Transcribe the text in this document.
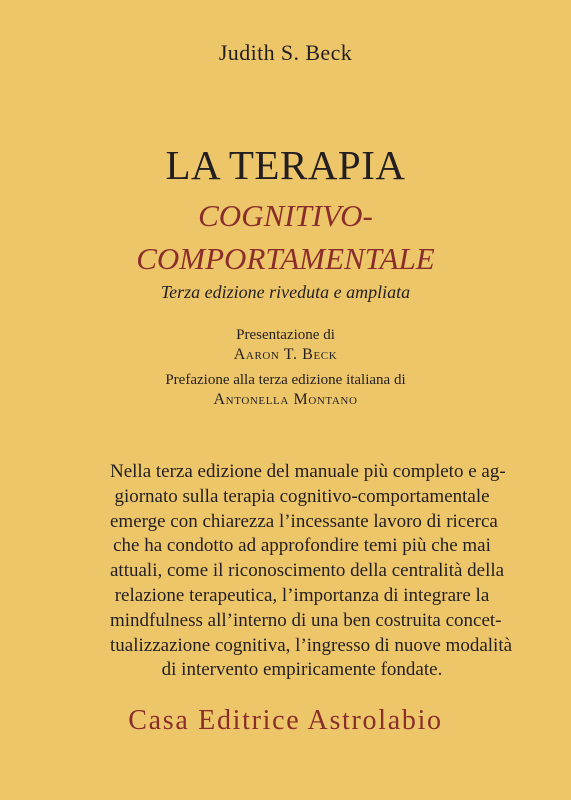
Judith S. Beck
LA TERAPIA
COGNITIVO-
COMPORTAMENTALE
Terza edizione riveduta e ampliata
Presentazione di
Aaron T. Beck
Prefazione alla terza edizione italiana di
Antonella Montano
Nella terza edizione del manuale più completo e ag-
giornato sulla terapia cognitivo-comportamentale
emerge con chiarezza l’incessante lavoro di ricerca
che ha condotto ad approfondire temi più che mai
attuali, come il riconoscimento della centralità della
relazione terapeutica, l’importanza di integrare la
mindfulness all’interno di una ben costruita concet-
tualizzazione cognitiva, l’ingresso di nuove modalità
di intervento empiricamente fondate.
Casa Editrice Astrolabio
